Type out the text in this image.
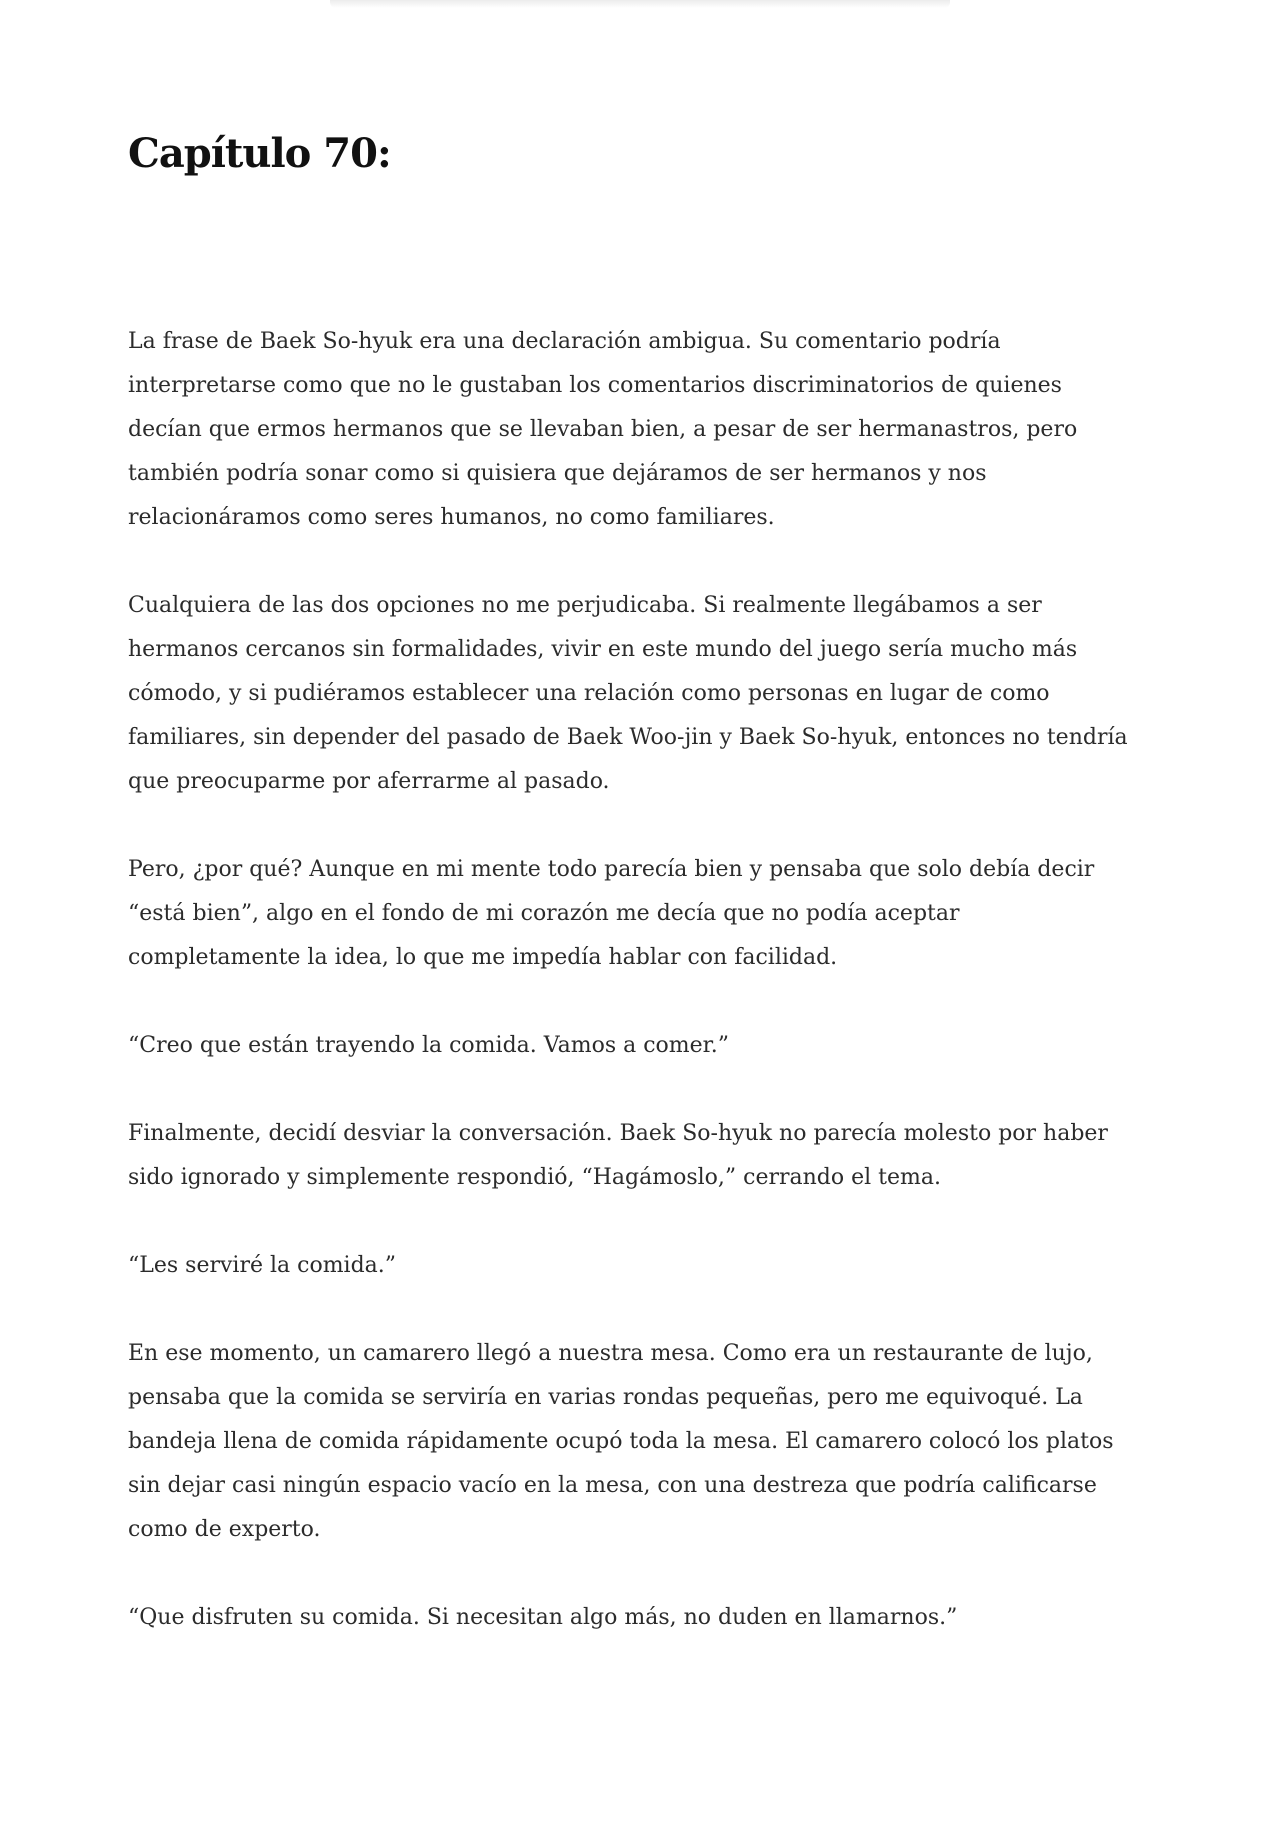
Capítulo 70:

La frase de Baek So-hyuk era una declaración ambigua. Su comentario podría
interpretarse como que no le gustaban los comentarios discriminatorios de quienes
decían que ermos hermanos que se llevaban bien, a pesar de ser hermanastros, pero
también podría sonar como si quisiera que dejáramos de ser hermanos y nos
relacionáramos como seres humanos, no como familiares.

Cualquiera de las dos opciones no me perjudicaba. Si realmente llegábamos a ser
hermanos cercanos sin formalidades, vivir en este mundo del juego sería mucho más
cómodo, y si pudiéramos establecer una relación como personas en lugar de como
familiares, sin depender del pasado de Baek Woo-jin y Baek So-hyuk, entonces no tendría
que preocuparme por aferrarme al pasado.

Pero, ¿por qué? Aunque en mi mente todo parecía bien y pensaba que solo debía decir
“está bien”, algo en el fondo de mi corazón me decía que no podía aceptar
completamente la idea, lo que me impedía hablar con facilidad.

“Creo que están trayendo la comida. Vamos a comer.”

Finalmente, decidí desviar la conversación. Baek So-hyuk no parecía molesto por haber
sido ignorado y simplemente respondió, “Hagámoslo,” cerrando el tema.

“Les serviré la comida.”

En ese momento, un camarero llegó a nuestra mesa. Como era un restaurante de lujo,
pensaba que la comida se serviría en varias rondas pequeñas, pero me equivoqué. La
bandeja llena de comida rápidamente ocupó toda la mesa. El camarero colocó los platos
sin dejar casi ningún espacio vacío en la mesa, con una destreza que podría calificarse
como de experto.

“Que disfruten su comida. Si necesitan algo más, no duden en llamarnos.”
